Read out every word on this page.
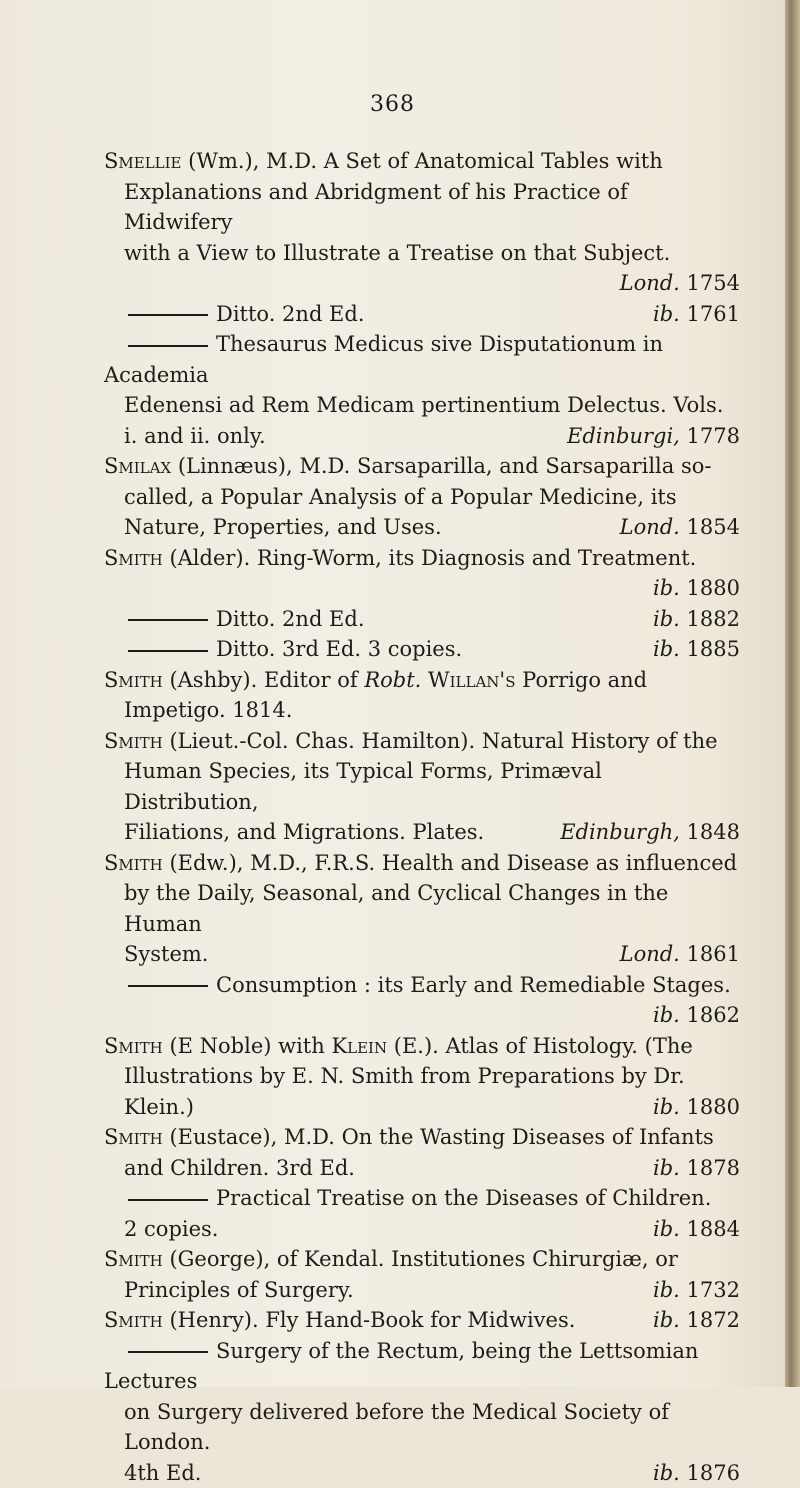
368
Smellie (Wm.), M.D. A Set of Anatomical Tables with
Explanations and Abridgment of his Practice of Midwifery
with a View to Illustrate a Treatise on that Subject.
Lond. 1754
Ditto. 2nd Ed.	ib. 1761
Thesaurus Medicus sive Disputationum in Academia
Edenensi ad Rem Medicam pertinentium Delectus. Vols.
i. and ii. only.	Edinburgi, 1778
Smilax (Linnæus), M.D. Sarsaparilla, and Sarsaparilla so-
called, a Popular Analysis of a Popular Medicine, its
Nature, Properties, and Uses.	Lond. 1854
Smith (Alder). Ring-Worm, its Diagnosis and Treatment.
ib. 1880
Ditto. 2nd Ed.	ib. 1882
Ditto. 3rd Ed. 3 copies.	ib. 1885
Smith (Ashby). Editor of Robt. Willan's Porrigo and
Impetigo. 1814.
Smith (Lieut.-Col. Chas. Hamilton). Natural History of the
Human Species, its Typical Forms, Primæval Distribution,
Filiations, and Migrations. Plates.	Edinburgh, 1848
Smith (Edw.), M.D., F.R.S. Health and Disease as influenced
by the Daily, Seasonal, and Cyclical Changes in the Human
System.	Lond. 1861
Consumption : its Early and Remediable Stages.
ib. 1862
Smith (E Noble) with Klein (E.). Atlas of Histology. (The
Illustrations by E. N. Smith from Preparations by Dr.
Klein.)	ib. 1880
Smith (Eustace), M.D. On the Wasting Diseases of Infants
and Children. 3rd Ed.	ib. 1878
Practical Treatise on the Diseases of Children.
2 copies.	ib. 1884
Smith (George), of Kendal. Institutiones Chirurgiæ, or
Principles of Surgery.	ib. 1732
Smith (Henry). Fly Hand-Book for Midwives.	ib. 1872
Surgery of the Rectum, being the Lettsomian Lectures
on Surgery delivered before the Medical Society of London.
4th Ed.	ib. 1876
